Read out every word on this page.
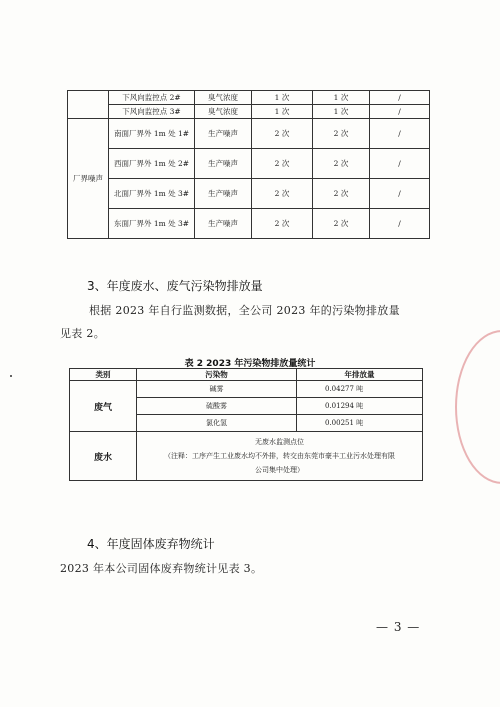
	下风向监控点 2#	臭气浓度	1 次	1 次	/
	下风向监控点 3#	臭气浓度	1 次	1 次	/
厂界噪声	南面厂界外 1m 处 1#	生产噪声	2 次	2 次	/
	西面厂界外 1m 处 2#	生产噪声	2 次	2 次	/
	北面厂界外 1m 处 3#	生产噪声	2 次	2 次	/
	东面厂界外 1m 处 3#	生产噪声	2 次	2 次	/
3、年度废水、废气污染物排放量
根据 2023 年自行监测数据，全公司 2023 年的污染物排放量
见表 2。
表 2 2023 年污染物排放量统计
类别	污染物	年排放量
废气	碱雾	0.04277 吨
	硫酸雾	0.01294 吨
	氯化氢	0.00251 吨
废水	无废水监测点位
（注释：工序产生工业废水均不外排，转交由东莞市豪丰工业污水处理有限
公司集中处理）	
4、年度固体废弃物统计
2023 年本公司固体废弃物统计见表 3。
— 3 —
